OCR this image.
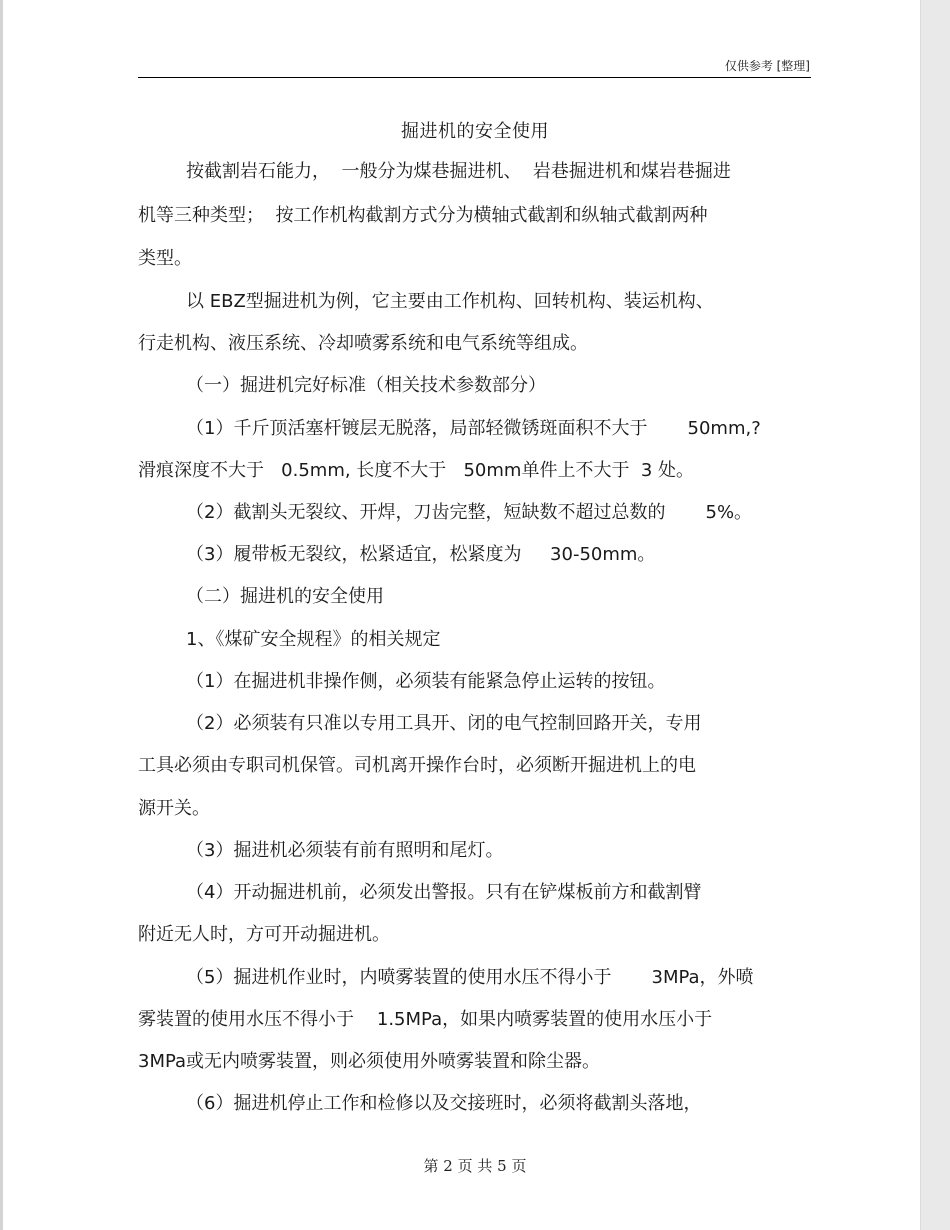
仅供参考 [整理]
掘进机的安全使用
按截割岩石能力，  一般分为煤巷掘进机、  岩巷掘进机和煤岩巷掘进
机等三种类型；  按工作机构截割方式分为横轴式截割和纵轴式截割两种
类型。
以 EBZ型掘进机为例，它主要由工作机构、回转机构、装运机构、
行走机构、液压系统、冷却喷雾系统和电气系统等组成。
（一）掘进机完好标准（相关技术参数部分）
（1）千斤顶活塞杆镀层无脱落，局部轻微锈斑面积不大于       50mm,?
滑痕深度不大于   0.5mm, 长度不大于   50mm单件上不大于  3 处。
（2）截割头无裂纹、开焊，刀齿完整，短缺数不超过总数的       5%。
（3）履带板无裂纹，松紧适宜，松紧度为     30-50mm。
（二）掘进机的安全使用
1、《煤矿安全规程》的相关规定
（1）在掘进机非操作侧，必须装有能紧急停止运转的按钮。
（2）必须装有只准以专用工具开、闭的电气控制回路开关，专用
工具必须由专职司机保管。司机离开操作台时，必须断开掘进机上的电
源开关。
（3）掘进机必须装有前有照明和尾灯。
（4）开动掘进机前，必须发出警报。只有在铲煤板前方和截割臂
附近无人时，方可开动掘进机。
（5）掘进机作业时，内喷雾装置的使用水压不得小于       3MPa，外喷
雾装置的使用水压不得小于    1.5MPa，如果内喷雾装置的使用水压小于
3MPa或无内喷雾装置，则必须使用外喷雾装置和除尘器。
（6）掘进机停止工作和检修以及交接班时，必须将截割头落地，
第 2 页 共 5 页
